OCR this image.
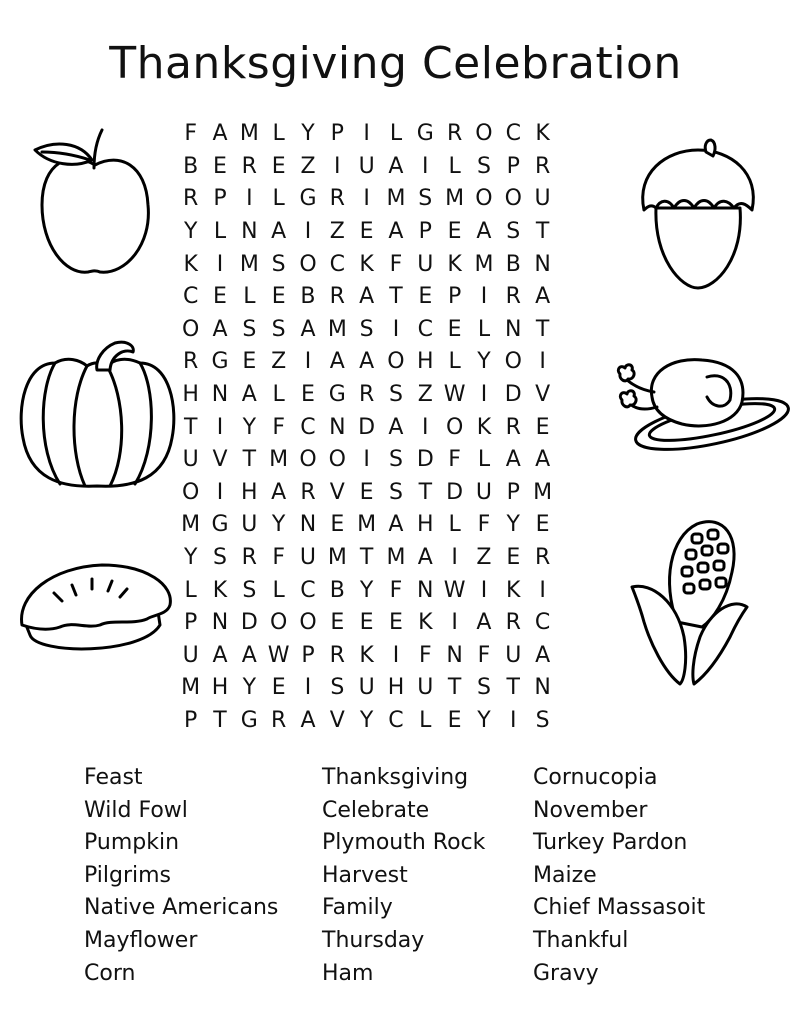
Thanksgiving Celebration
F A M L Y P I L G R O C K
B E R E Z I U A I L S P R
R P I L G R I M S M O O U
Y L N A I Z E A P E A S T
K I M S O C K F U K M B N
C E L E B R A T E P I R A
O A S S A M S I C E L N T
R G E Z I A A O H L Y O I
H N A L E G R S Z W I D V
T I Y F C N D A I O K R E
U V T M O O I S D F L A A
O I H A R V E S T D U P M
M G U Y N E M A H L F Y E
Y S R F U M T M A I Z E R
L K S L C B Y F N W I K I
P N D O O E E E K I A R C
U A A W P R K I F N F U A
M H Y E I S U H U T S T N
P T G R A V Y C L E Y I S
Feast
Wild Fowl
Pumpkin
Pilgrims
Native Americans
Mayflower
Corn
Thanksgiving
Celebrate
Plymouth Rock
Harvest
Family
Thursday
Ham
Cornucopia
November
Turkey Pardon
Maize
Chief Massasoit
Thankful
Gravy
